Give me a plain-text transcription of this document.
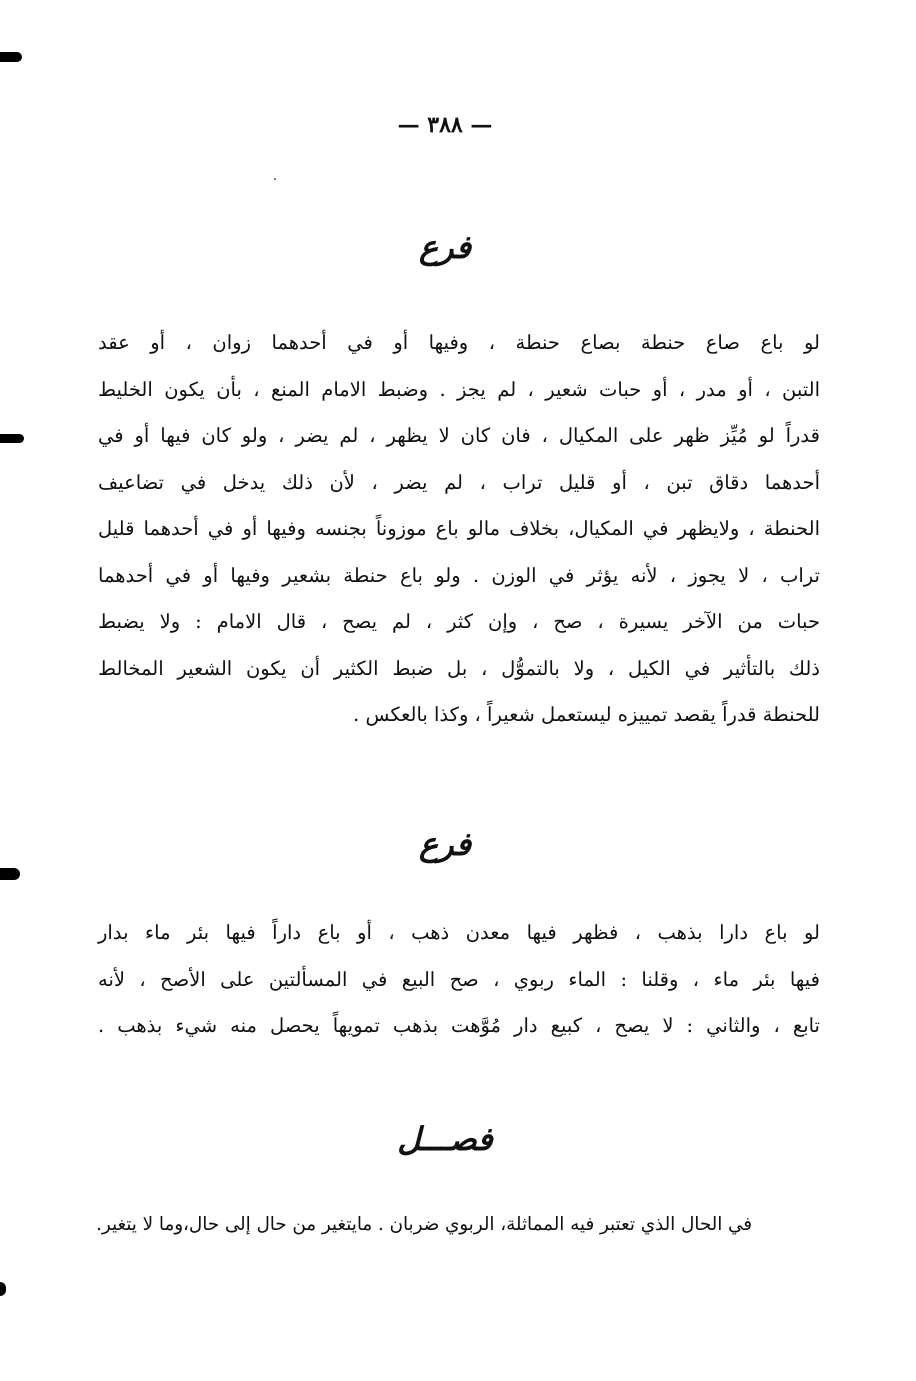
— ٣٨٨ —
فرع
لو باع صاع حنطة بصاع حنطة ، وفيها أو في أحدهما زوان ، أو عقد
التبن ، أو مدر ، أو حبات شعير ، لم يجز . وضبط الامام المنع ، بأن يكون الخليط
قدراً لو مُيِّز ظهر على المكيال ، فان كان لا يظهر ، لم يضر ، ولو كان فيها أو في
أحدهما دقاق تبن ، أو قليل تراب ، لم يضر ، لأن ذلك يدخل في تضاعيف
الحنطة ، ولايظهر في المكيال، بخلاف مالو باع موزوناً بجنسه وفيها أو في أحدهما قليل
تراب ، لا يجوز ، لأنه يؤثر في الوزن . ولو باع حنطة بشعير وفيها أو في أحدهما
حبات من الآخر يسيرة ، صح ، وإن كثر ، لم يصح ، قال الامام : ولا يضبط
ذلك بالتأثير في الكيل ، ولا بالتموُّل ، بل ضبط الكثير أن يكون الشعير المخالط
للحنطة قدراً يقصد تمييزه ليستعمل شعيراً ، وكذا بالعكس .
فرع
لو باع دارا بذهب ، فظهر فيها معدن ذهب ، أو باع داراً فيها بئر ماء بدار
فيها بئر ماء ، وقلنا : الماء ربوي ، صح البيع في المسألتين على الأصح ، لأنه
تابع ، والثاني : لا يصح ، كبيع دار مُوَّهت بذهب تمويهاً يحصل منه شيء بذهب .
فصـــل
في الحال الذي تعتبر فيه المماثلة، الربوي ضربان . مايتغير من حال إلى حال،وما لا يتغير.
